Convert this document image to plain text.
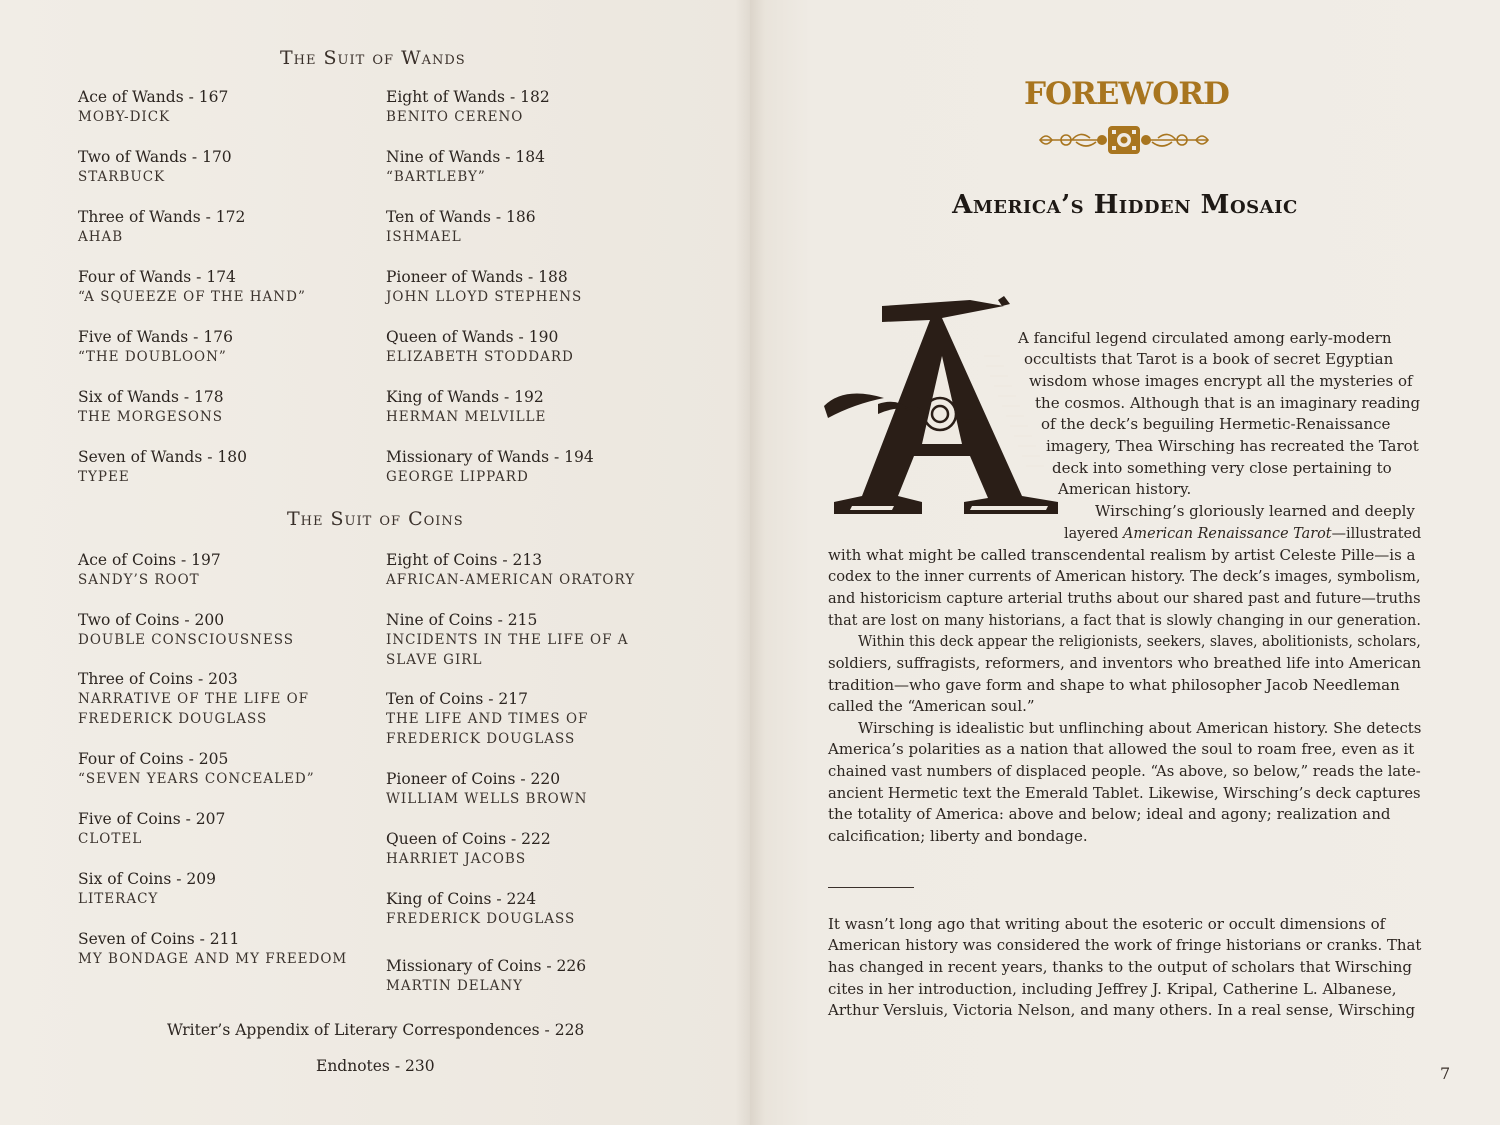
The Suit of Wands
Ace of Wands - 167
MOBY-DICK
Two of Wands - 170
STARBUCK
Three of Wands - 172
AHAB
Four of Wands - 174
“A SQUEEZE OF THE HAND”
Five of Wands - 176
“THE DOUBLOON”
Six of Wands - 178
THE MORGESONS
Seven of Wands - 180
TYPEE
Eight of Wands - 182
BENITO CERENO
Nine of Wands - 184
“BARTLEBY”
Ten of Wands - 186
ISHMAEL
Pioneer of Wands - 188
JOHN LLOYD STEPHENS
Queen of Wands - 190
ELIZABETH STODDARD
King of Wands - 192
HERMAN MELVILLE
Missionary of Wands - 194
GEORGE LIPPARD
The Suit of Coins
Ace of Coins - 197
SANDY’S ROOT
Two of Coins - 200
DOUBLE CONSCIOUSNESS
Three of Coins - 203
NARRATIVE OF THE LIFE OF
FREDERICK DOUGLASS
Four of Coins - 205
“SEVEN YEARS CONCEALED”
Five of Coins - 207
CLOTEL
Six of Coins - 209
LITERACY
Seven of Coins - 211
MY BONDAGE AND MY FREEDOM
Eight of Coins - 213
AFRICAN-AMERICAN ORATORY
Nine of Coins - 215
INCIDENTS IN THE LIFE OF A
SLAVE GIRL
Ten of Coins - 217
THE LIFE AND TIMES OF
FREDERICK DOUGLASS
Pioneer of Coins - 220
WILLIAM WELLS BROWN
Queen of Coins - 222
HARRIET JACOBS
King of Coins - 224
FREDERICK DOUGLASS
Missionary of Coins - 226
MARTIN DELANY
Writer’s Appendix of Literary Correspondences - 228
Endnotes - 230
FOREWORD
America’s Hidden Mosaic
A fanciful legend circulated among early-modern
occultists that Tarot is a book of secret Egyptian
wisdom whose images encrypt all the mysteries of
the cosmos. Although that is an imaginary reading
of the deck’s beguiling Hermetic-Renaissance
imagery, Thea Wirsching has recreated the Tarot
deck into something very close pertaining to
American history.
Wirsching’s gloriously learned and deeply
layered American Renaissance Tarot—illustrated
with what might be called transcendental realism by artist Celeste Pille—is a
codex to the inner currents of American history. The deck’s images, symbolism,
and historicism capture arterial truths about our shared past and future—truths
that are lost on many historians, a fact that is slowly changing in our generation.
Within this deck appear the religionists, seekers, slaves, abolitionists, scholars,
soldiers, suffragists, reformers, and inventors who breathed life into American
tradition—who gave form and shape to what philosopher Jacob Needleman
called the “American soul.”
Wirsching is idealistic but unflinching about American history. She detects
America’s polarities as a nation that allowed the soul to roam free, even as it
chained vast numbers of displaced people. “As above, so below,” reads the late-
ancient Hermetic text the Emerald Tablet. Likewise, Wirsching’s deck captures
the totality of America: above and below; ideal and agony; realization and
calcification; liberty and bondage.
It wasn’t long ago that writing about the esoteric or occult dimensions of
American history was considered the work of fringe historians or cranks. That
has changed in recent years, thanks to the output of scholars that Wirsching
cites in her introduction, including Jeffrey J. Kripal, Catherine L. Albanese,
Arthur Versluis, Victoria Nelson, and many others. In a real sense, Wirsching
7
